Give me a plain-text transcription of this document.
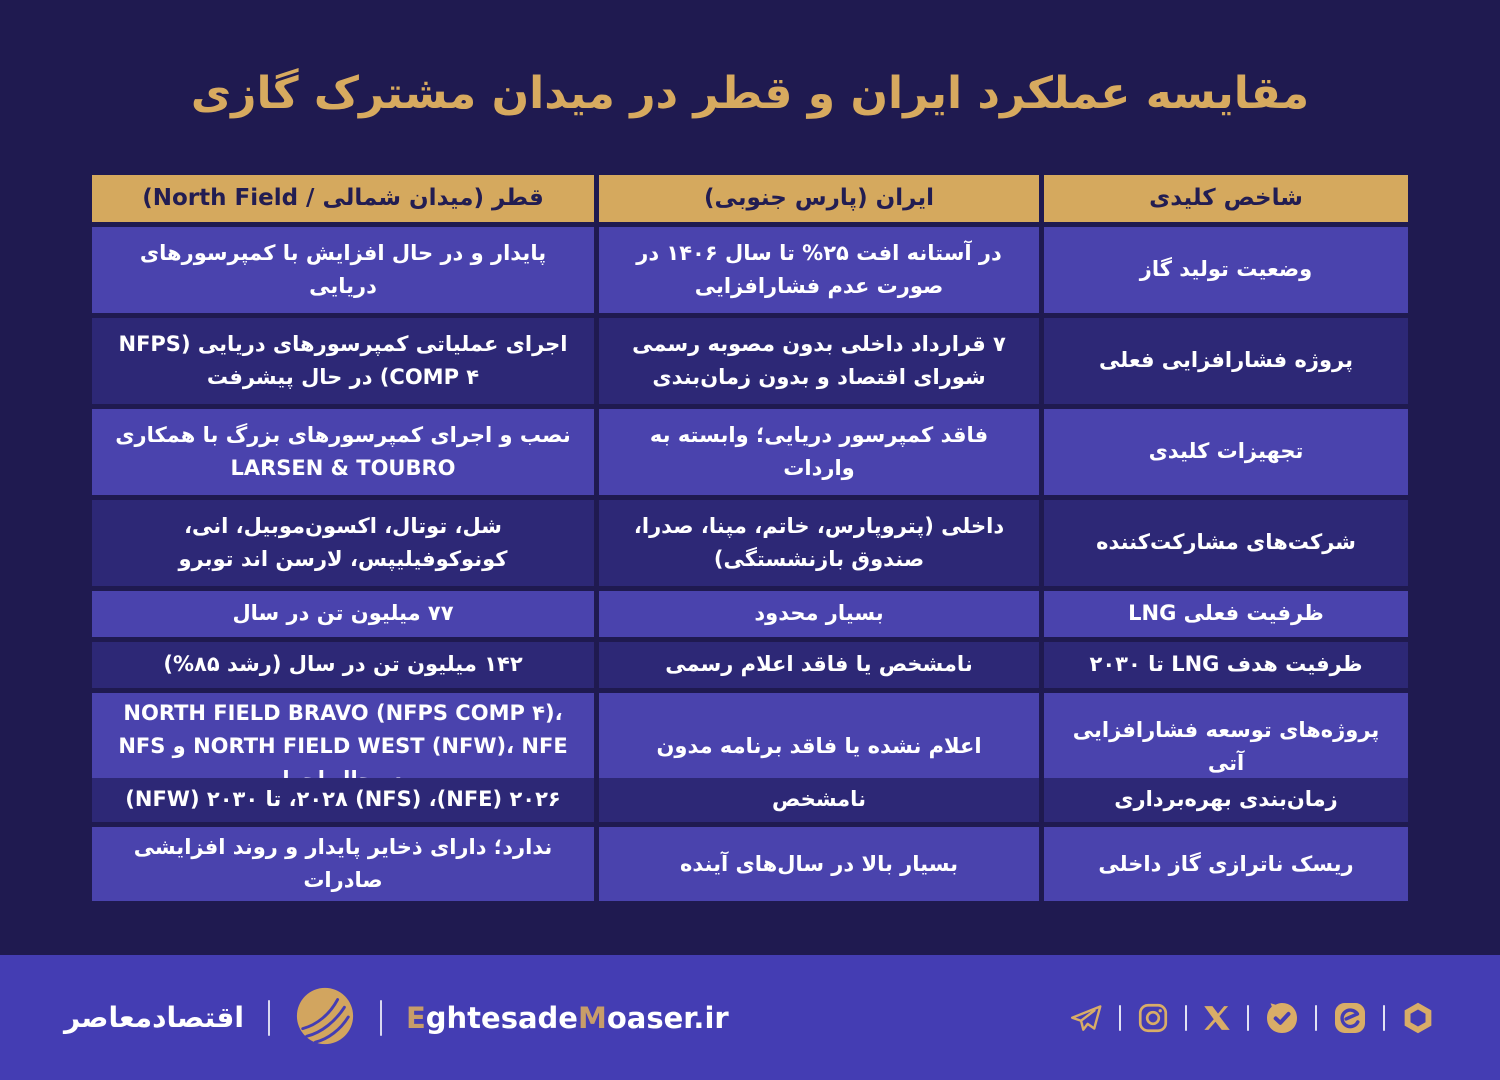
مقایسه عملکرد ایران و قطر در میدان مشترک گازی
شاخص کلیدی
ایران (پارس جنوبی)
قطر (میدان شمالی / North Field)
وضعیت تولید گاز
در آستانه افت ۲۵% تا سال ۱۴۰۶ در صورت عدم فشارافزایی
پایدار و در حال افزایش با کمپرسورهای دریایی
پروژه فشارافزایی فعلی
۷ قرارداد داخلی بدون مصوبه رسمی شورای اقتصاد و بدون زمان‌بندی
اجرای عملیاتی کمپرسورهای دریایی (NFPS COMP ۴) در حال پیشرفت
تجهیزات کلیدی
فاقد کمپرسور دریایی؛ وابسته به واردات
نصب و اجرای کمپرسورهای بزرگ با همکاری LARSEN & TOUBRO
شرکت‌های مشارکت‌کننده
داخلی (پتروپارس، خاتم، مپنا، صدرا، صندوق بازنشستگی)
شل، توتال، اکسون‌موبیل، انی، کونوکوفیلیپس، لارسن اند توبرو
ظرفیت فعلی LNG
بسیار محدود
۷۷ میلیون تن در سال
ظرفیت هدف LNG تا ۲۰۳۰
نامشخص یا فاقد اعلام رسمی
۱۴۲ میلیون تن در سال (رشد ۸۵%)
پروژه‌های توسعه فشارافزایی آتی
اعلام نشده یا فاقد برنامه مدون
NORTH FIELD BRAVO (NFPS COMP ۴)، NORTH FIELD WEST (NFW)، NFE و NFS
زمان‌بندی بهره‌برداری
نامشخص
۲۰۲۶ (NFE)، ۲۰۲۸ (NFS)، تا ۲۰۳۰ (NFW)
ریسک ناترازی گاز داخلی
بسیار بالا در سال‌های آینده
ندارد؛ دارای ذخایر پایدار و روند افزایشی صادرات
اقتصادمعاصر	EghtesadeMoaser.ir
